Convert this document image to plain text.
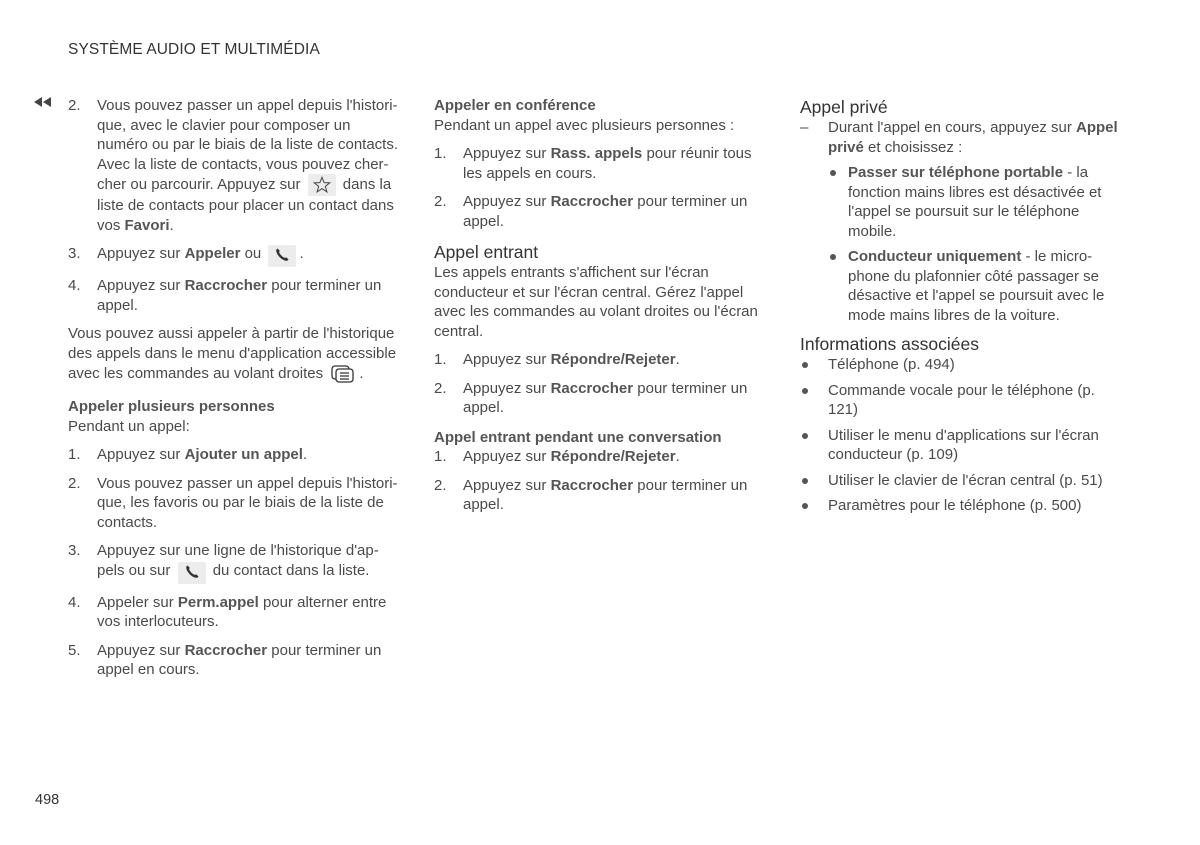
SYSTÈME AUDIO ET MULTIMÉDIA
2. Vous pouvez passer un appel depuis l'histori-que, avec le clavier pour composer un numéro ou par le biais de la liste de contacts. Avec la liste de contacts, vous pouvez cher-cher ou parcourir. Appuyez sur	dans la liste de contacts pour placer un contact dans vos Favori.
3. Appuyez sur Appeler ou	.
4. Appuyez sur Raccrocher pour terminer un appel.

Vous pouvez aussi appeler à partir de l'historique des appels dans le menu d'application accessible avec les commandes au volant droites .

Appeler plusieurs personnes

Pendant un appel:

1. Appuyez sur Ajouter un appel.
2. Vous pouvez passer un appel depuis l'histori-que, les favoris ou par le biais de la liste de contacts.
3. Appuyez sur une ligne de l'historique d'ap-pels ou sur	du contact dans la liste.
4. Appeler sur Perm.appel pour alterner entre vos interlocuteurs.
5. Appuyez sur Raccrocher pour terminer un appel en cours.
Appeler en conférence

Pendant un appel avec plusieurs personnes :

1. Appuyez sur Rass. appels pour réunir tous les appels en cours.
2. Appuyez sur Raccrocher pour terminer un appel.
Appel entrant

Les appels entrants s'affichent sur l'écran conducteur et sur l'écran central. Gérez l'appel avec les commandes au volant droites ou l'écran central.

1. Appuyez sur Répondre/Rejeter.
2. Appuyez sur Raccrocher pour terminer un appel.
Appel entrant pendant une conversation
1. Appuyez sur Répondre/Rejeter.
2. Appuyez sur Raccrocher pour terminer un appel.
Appel privé
– Durant l'appel en cours, appuyez sur Appel privé et choisissez :
Passer sur téléphone portable - la fonction mains libres est désactivée et l'appel se poursuit sur le téléphone mobile.
Conducteur uniquement - le micro-phone du plafonnier côté passager se désactive et l'appel se poursuit avec le mode mains libres de la voiture.
Informations associées
Téléphone (p. 494)
Commande vocale pour le téléphone (p. 121)
Utiliser le menu d'applications sur l'écran conducteur (p. 109)
Utiliser le clavier de l'écran central (p. 51)
Paramètres pour le téléphone (p. 500)
498
